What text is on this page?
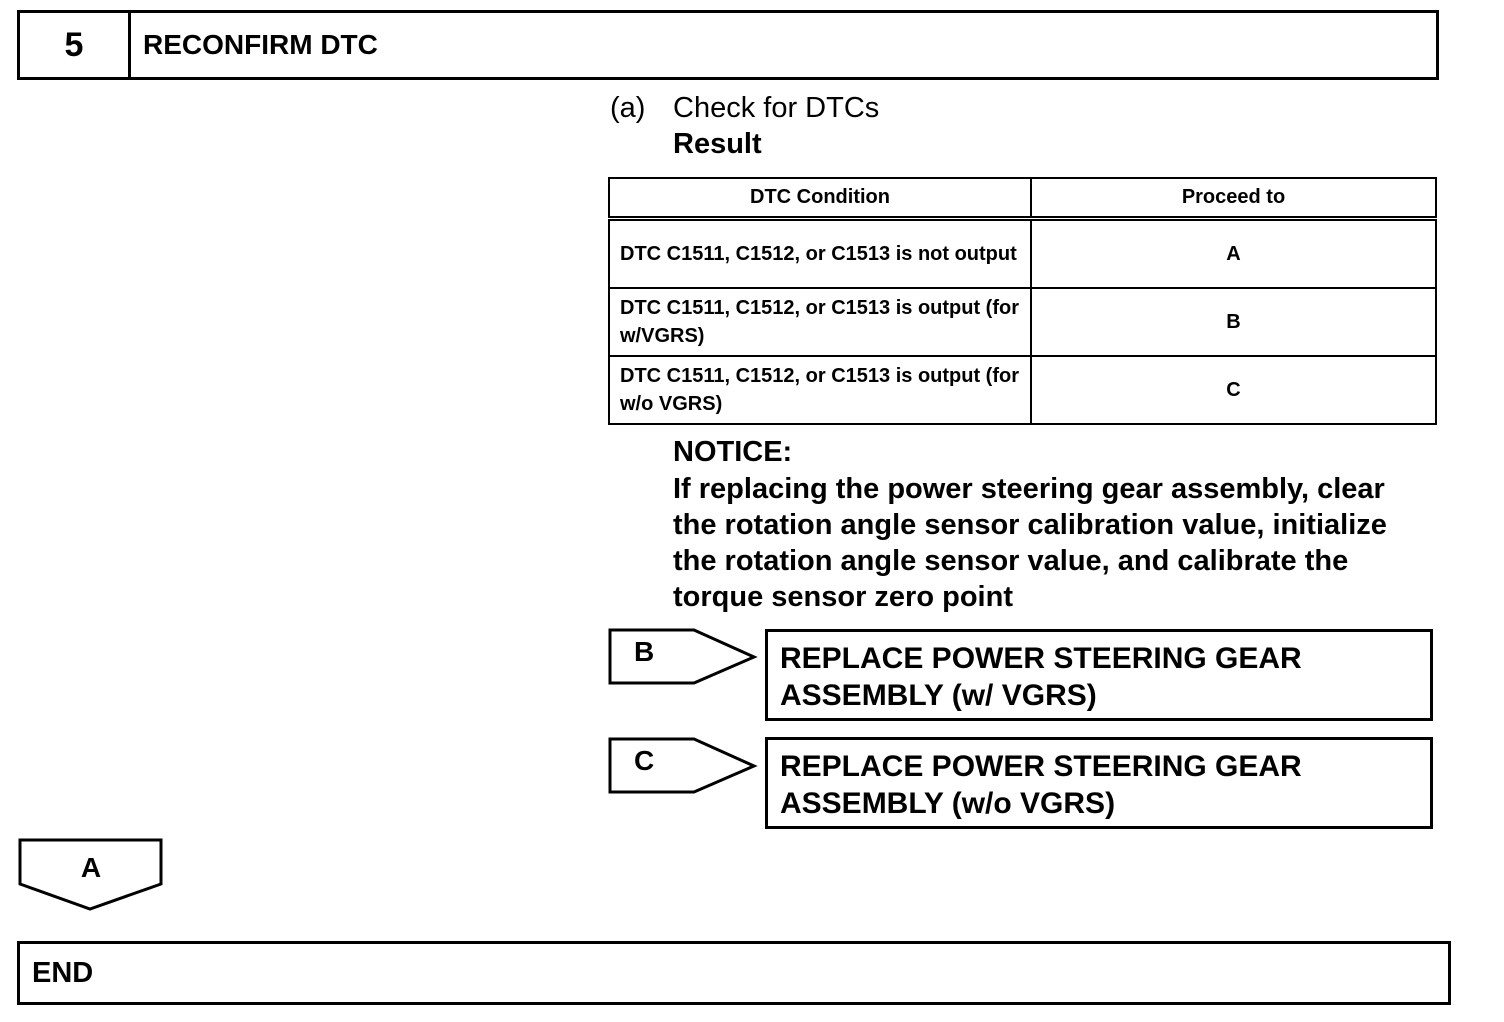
5	RECONFIRM DTC
(a) Check for DTCs
Result
DTC Condition	Proceed to
DTC C1511, C1512, or C1513 is not output	A
DTC C1511, C1512, or C1513 is output (for w/VGRS)	B
DTC C1511, C1512, or C1513 is output (for w/o VGRS)	C
NOTICE:
If replacing the power steering gear assembly, clear the rotation angle sensor calibration value, initialize the rotation angle sensor value, and calibrate the torque sensor zero point
B	REPLACE POWER STEERING GEAR ASSEMBLY (w/ VGRS)
C	REPLACE POWER STEERING GEAR ASSEMBLY (w/o VGRS)
A
END
